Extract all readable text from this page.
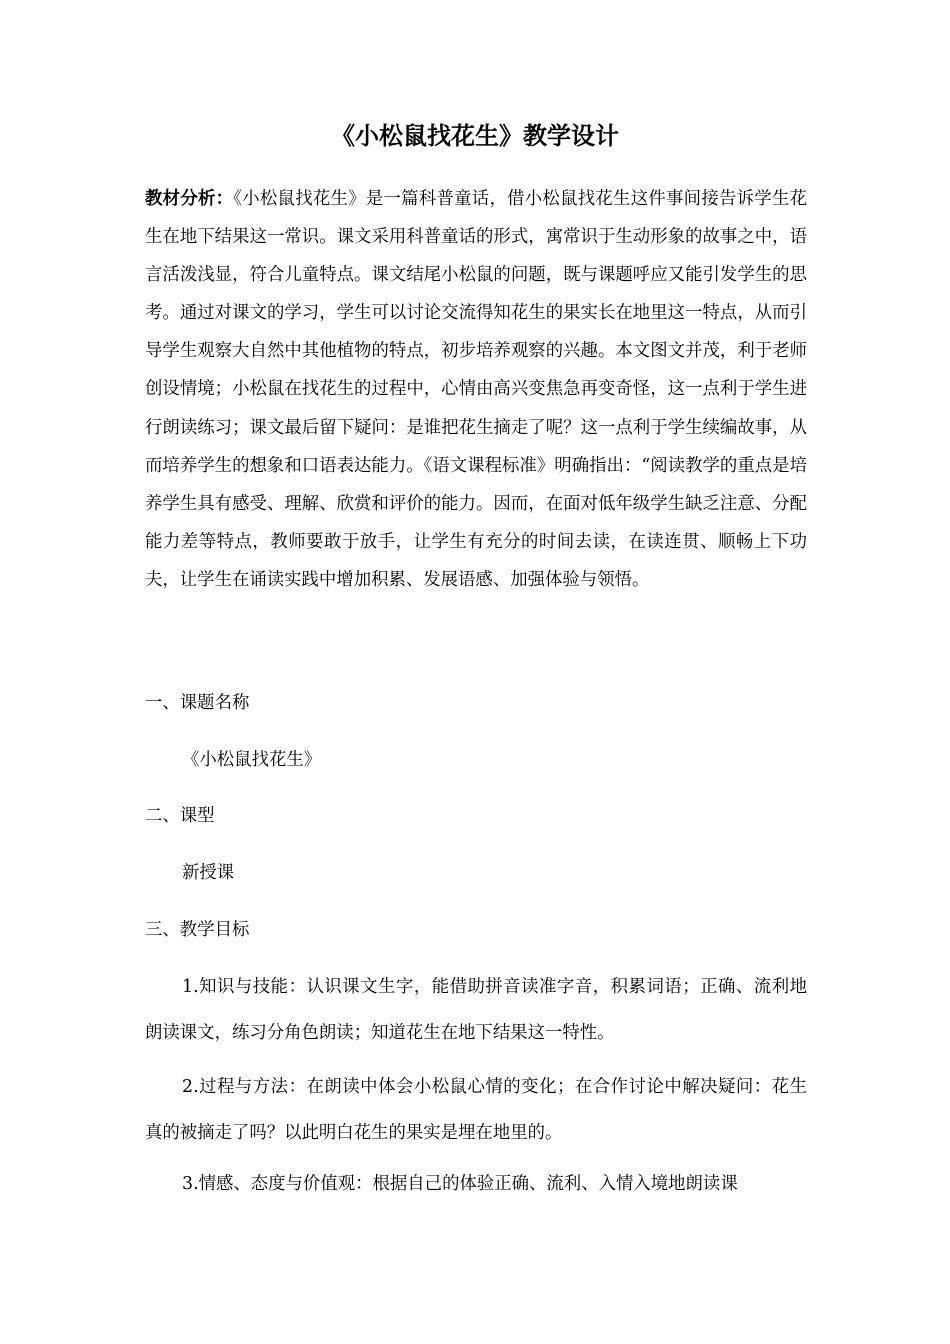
《小松鼠找花生》教学设计
教材分析：《小松鼠找花生》是一篇科普童话，借小松鼠找花生这件事间接告诉学生花生在地下结果这一常识。课文采用科普童话的形式，寓常识于生动形象的故事之中，语言活泼浅显，符合儿童特点。课文结尾小松鼠的问题，既与课题呼应又能引发学生的思考。通过对课文的学习，学生可以讨论交流得知花生的果实长在地里这一特点，从而引导学生观察大自然中其他植物的特点，初步培养观察的兴趣。本文图文并茂，利于老师创设情境；小松鼠在找花生的过程中，心情由高兴变焦急再变奇怪，这一点利于学生进行朗读练习；课文最后留下疑问：是谁把花生摘走了呢？这一点利于学生续编故事，从而培养学生的想象和口语表达能力。《语文课程标准》明确指出：“阅读教学的重点是培养学生具有感受、理解、欣赏和评价的能力。因而，在面对低年级学生缺乏注意、分配能力差等特点，教师要敢于放手，让学生有充分的时间去读，在读连贯、顺畅上下功夫，让学生在诵读实践中增加积累、发展语感、加强体验与领悟。
一、课题名称
《小松鼠找花生》
二、课型
新授课
三、教学目标
1.知识与技能：认识课文生字，能借助拼音读准字音，积累词语；正确、流利地朗读课文，练习分角色朗读；知道花生在地下结果这一特性。
2.过程与方法：在朗读中体会小松鼠心情的变化；在合作讨论中解决疑问：花生真的被摘走了吗？以此明白花生的果实是埋在地里的。
3.情感、态度与价值观：根据自己的体验正确、流利、入情入境地朗读课
